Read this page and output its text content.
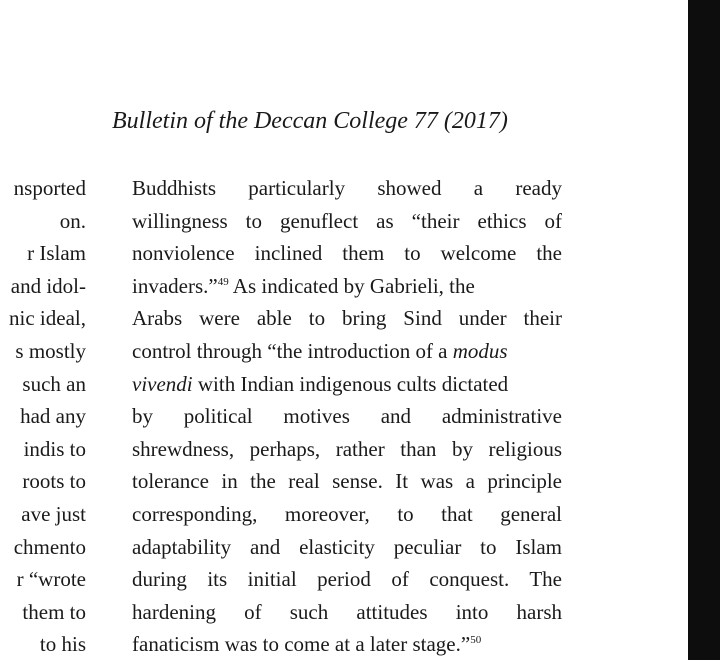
Bulletin of the Deccan College 77 (2017)

nsported
on.
r Islam
and idol-
nic ideal,
s mostly
such an
had any
indis to
roots to
ave just
chmento
r “wrote
them to
to his
Buddhists particularly showed a ready
willingness to genuflect as “their ethics of
nonviolence inclined them to welcome the
invaders.”$^{49}$ As indicated by Gabrieli, the
Arabs were able to bring Sind under their
control through “the introduction of a modus
vivendi with Indian indigenous cults dictated
by political motives and administrative
shrewdness, perhaps, rather than by religious
tolerance in the real sense. It was a principle
corresponding, moreover, to that general
adaptability and elasticity peculiar to Islam
during its initial period of conquest. The
hardening of such attitudes into harsh
fanaticism was to come at a later stage.”$^{50}$
